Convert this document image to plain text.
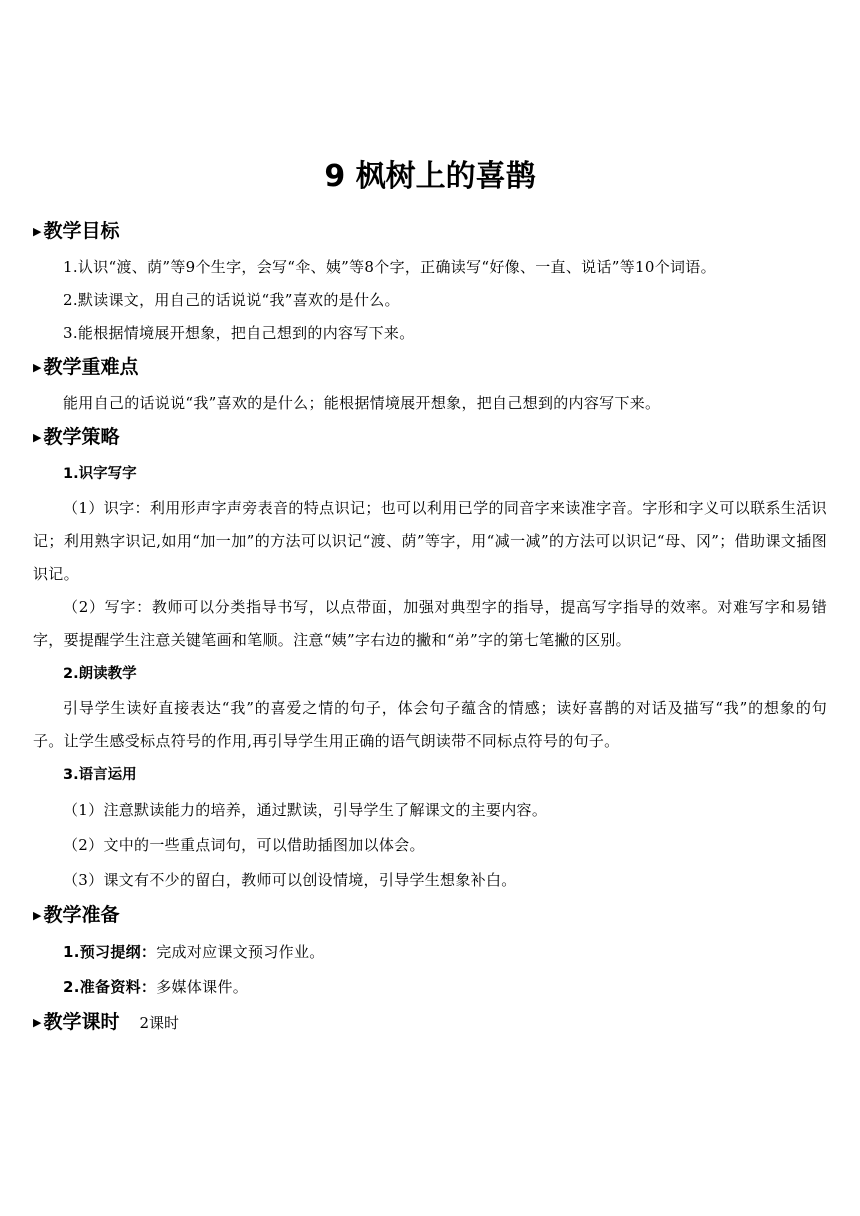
9 枫树上的喜鹊
▶ 教学目标

1.认识“渡、荫”等9个生字，会写“伞、姨”等8个字，正确读写“好像、一直、说话”等10个词语。

2.默读课文，用自己的话说说“我”喜欢的是什么。

3.能根据情境展开想象，把自己想到的内容写下来。

▶ 教学重难点

能用自己的话说说“我”喜欢的是什么；能根据情境展开想象，把自己想到的内容写下来。

▶ 教学策略

1.识字写字

（1）识字：利用形声字声旁表音的特点识记；也可以利用已学的同音字来读准字音。字形和字义可以联系生活识记；利用熟字识记,如用“加一加”的方法可以识记“渡、荫”等字，用“减一减”的方法可以识记“母、冈”；借助课文插图识记。

（2）写字：教师可以分类指导书写，以点带面，加强对典型字的指导，提高写字指导的效率。对难写字和易错字，要提醒学生注意关键笔画和笔顺。注意“姨”字右边的撇和“弟”字的第七笔撇的区别。

2.朗读教学

引导学生读好直接表达“我”的喜爱之情的句子，体会句子蕴含的情感；读好喜鹊的对话及描写“我”的想象的句子。让学生感受标点符号的作用,再引导学生用正确的语气朗读带不同标点符号的句子。

3.语言运用

（1）注意默读能力的培养，通过默读，引导学生了解课文的主要内容。

（2）文中的一些重点词句，可以借助插图加以体会。

（3）课文有不少的留白，教师可以创设情境，引导学生想象补白。

▶ 教学准备

1.预习提纲：完成对应课文预习作业。

2.准备资料：多媒体课件。

▶ 教学课时 2课时
